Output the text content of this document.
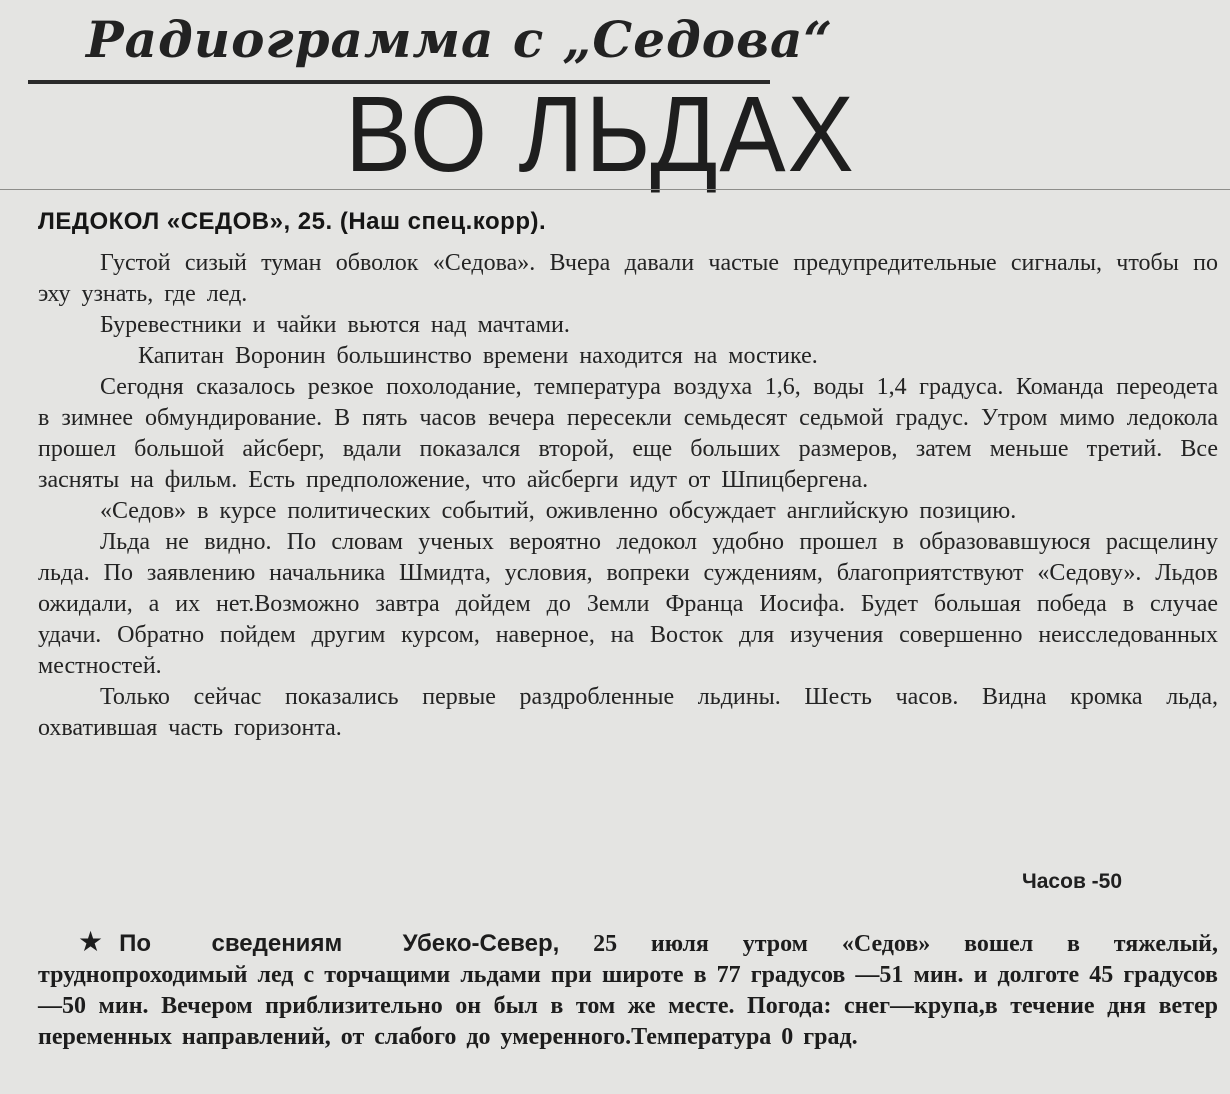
Радиограмма с „Седова“
ВО ЛЬДАХ
ЛЕДОКОЛ «СЕДОВ», 25. (Наш спец.корр).

Густой сизый туман обволок «Седова». Вчера давали частые предупредительные сигналы, чтобы по эху узнать, где лед.

Буревестники и чайки вьются над мачтами.

Капитан Воронин большинство времени находится на мостике.

Сегодня сказалось резкое похолодание, температура воздуха 1,6, воды 1,4 градуса. Команда переодета в зимнее обмундирование. В пять часов вечера пересекли семьдесят седьмой градус. Утром мимо ледокола прошел большой айсберг, вдали показался второй, еще больших размеров, затем меньше третий. Все засняты на фильм. Есть предположение, что айсберги идут от Шпицбергена.

«Седов» в курсе политических событий, оживленно обсуждает английскую позицию.

Льда не видно. По словам ученых вероятно ледокол удобно прошел в образовавшуюся расщелину льда. По заявлению начальника Шмидта, условия, вопреки суждениям, благоприятствуют «Седову». Льдов ожидали, а их нет.Возможно завтра дойдем до Земли Франца Иосифа. Будет большая победа в случае удачи. Обратно пойдем другим курсом, наверное, на Восток для изучения совершенно неисследованных местностей.

Только сейчас показались первые раздробленные льдины. Шесть часов. Видна кромка льда, охватившая часть горизонта.

Часов -50
★ По сведениям Убеко-Север, 25 июля утром «Седов» вошел в тяжелый, труднопроходимый лед с торчащими льдами при широте в 77 градусов —51 мин. и долготе 45 градусов—50 мин. Вечером приблизительно он был в том же месте. Погода: снег—крупа,в течение дня ветер переменных направлений, от слабого до умеренного.Температура 0 град.
